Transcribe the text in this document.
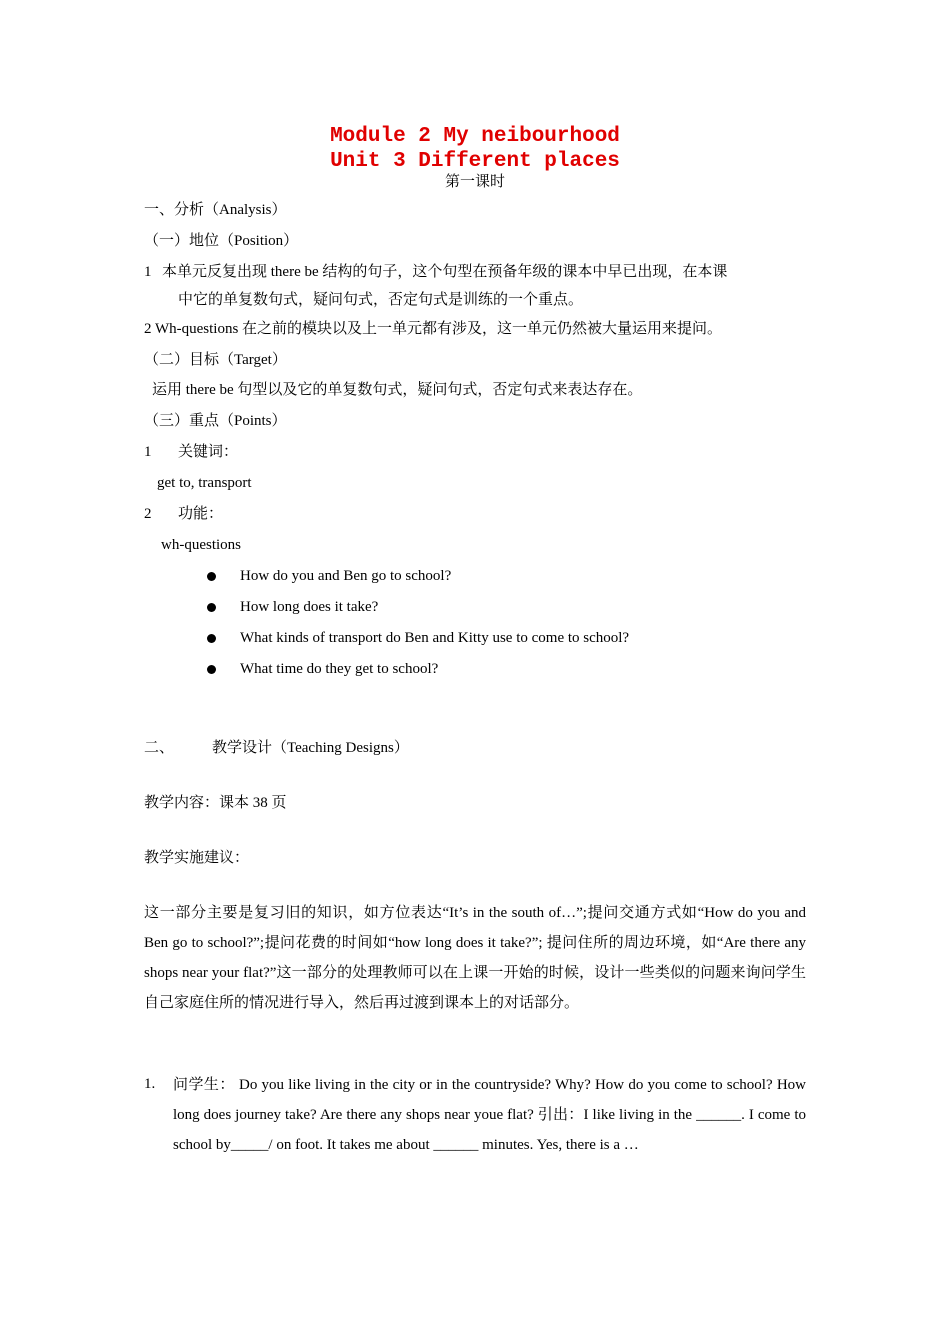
Module 2 My neibourhood
Unit 3 Different places
第一课时
一、分析（Analysis）
（一）地位（Position）
1 本单元反复出现 there be 结构的句子，这个句型在预备年级的课本中早已出现，在本课
中它的单复数句式，疑问句式，否定句式是训练的一个重点。
2 Wh-questions 在之前的模块以及上一单元都有涉及，这一单元仍然被大量运用来提问。
（二）目标（Target）
运用 there be 句型以及它的单复数句式，疑问句式，否定句式来表达存在。
（三）重点（Points）
1 关键词：
get to, transport
2 功能：
wh-questions
How do you and Ben go to school?
How long does it take?
What kinds of transport do Ben and Kitty use to come to school?
What time do they get to school?
二、	教学设计（Teaching Designs）
教学内容：课本 38 页
教学实施建议：
这一部分主要是复习旧的知识，如方位表达“It’s in the south of…”;提问交通方式如“How do you and Ben go to school?”;提问花费的时间如“how long does it take?”; 提问住所的周边环境，如“Are there any shops near your flat?”这一部分的处理教师可以在上课一开始的时候，设计一些类似的问题来询问学生自己家庭住所的情况进行导入，然后再过渡到课本上的对话部分。
1. 问学生： Do you like living in the city or in the countryside? Why? How do you come to school? How long does journey take? Are there any shops near youe flat? 引出：I like living in the ______. I come to school by_____/ on foot. It takes me about ______ minutes. Yes, there is a …
